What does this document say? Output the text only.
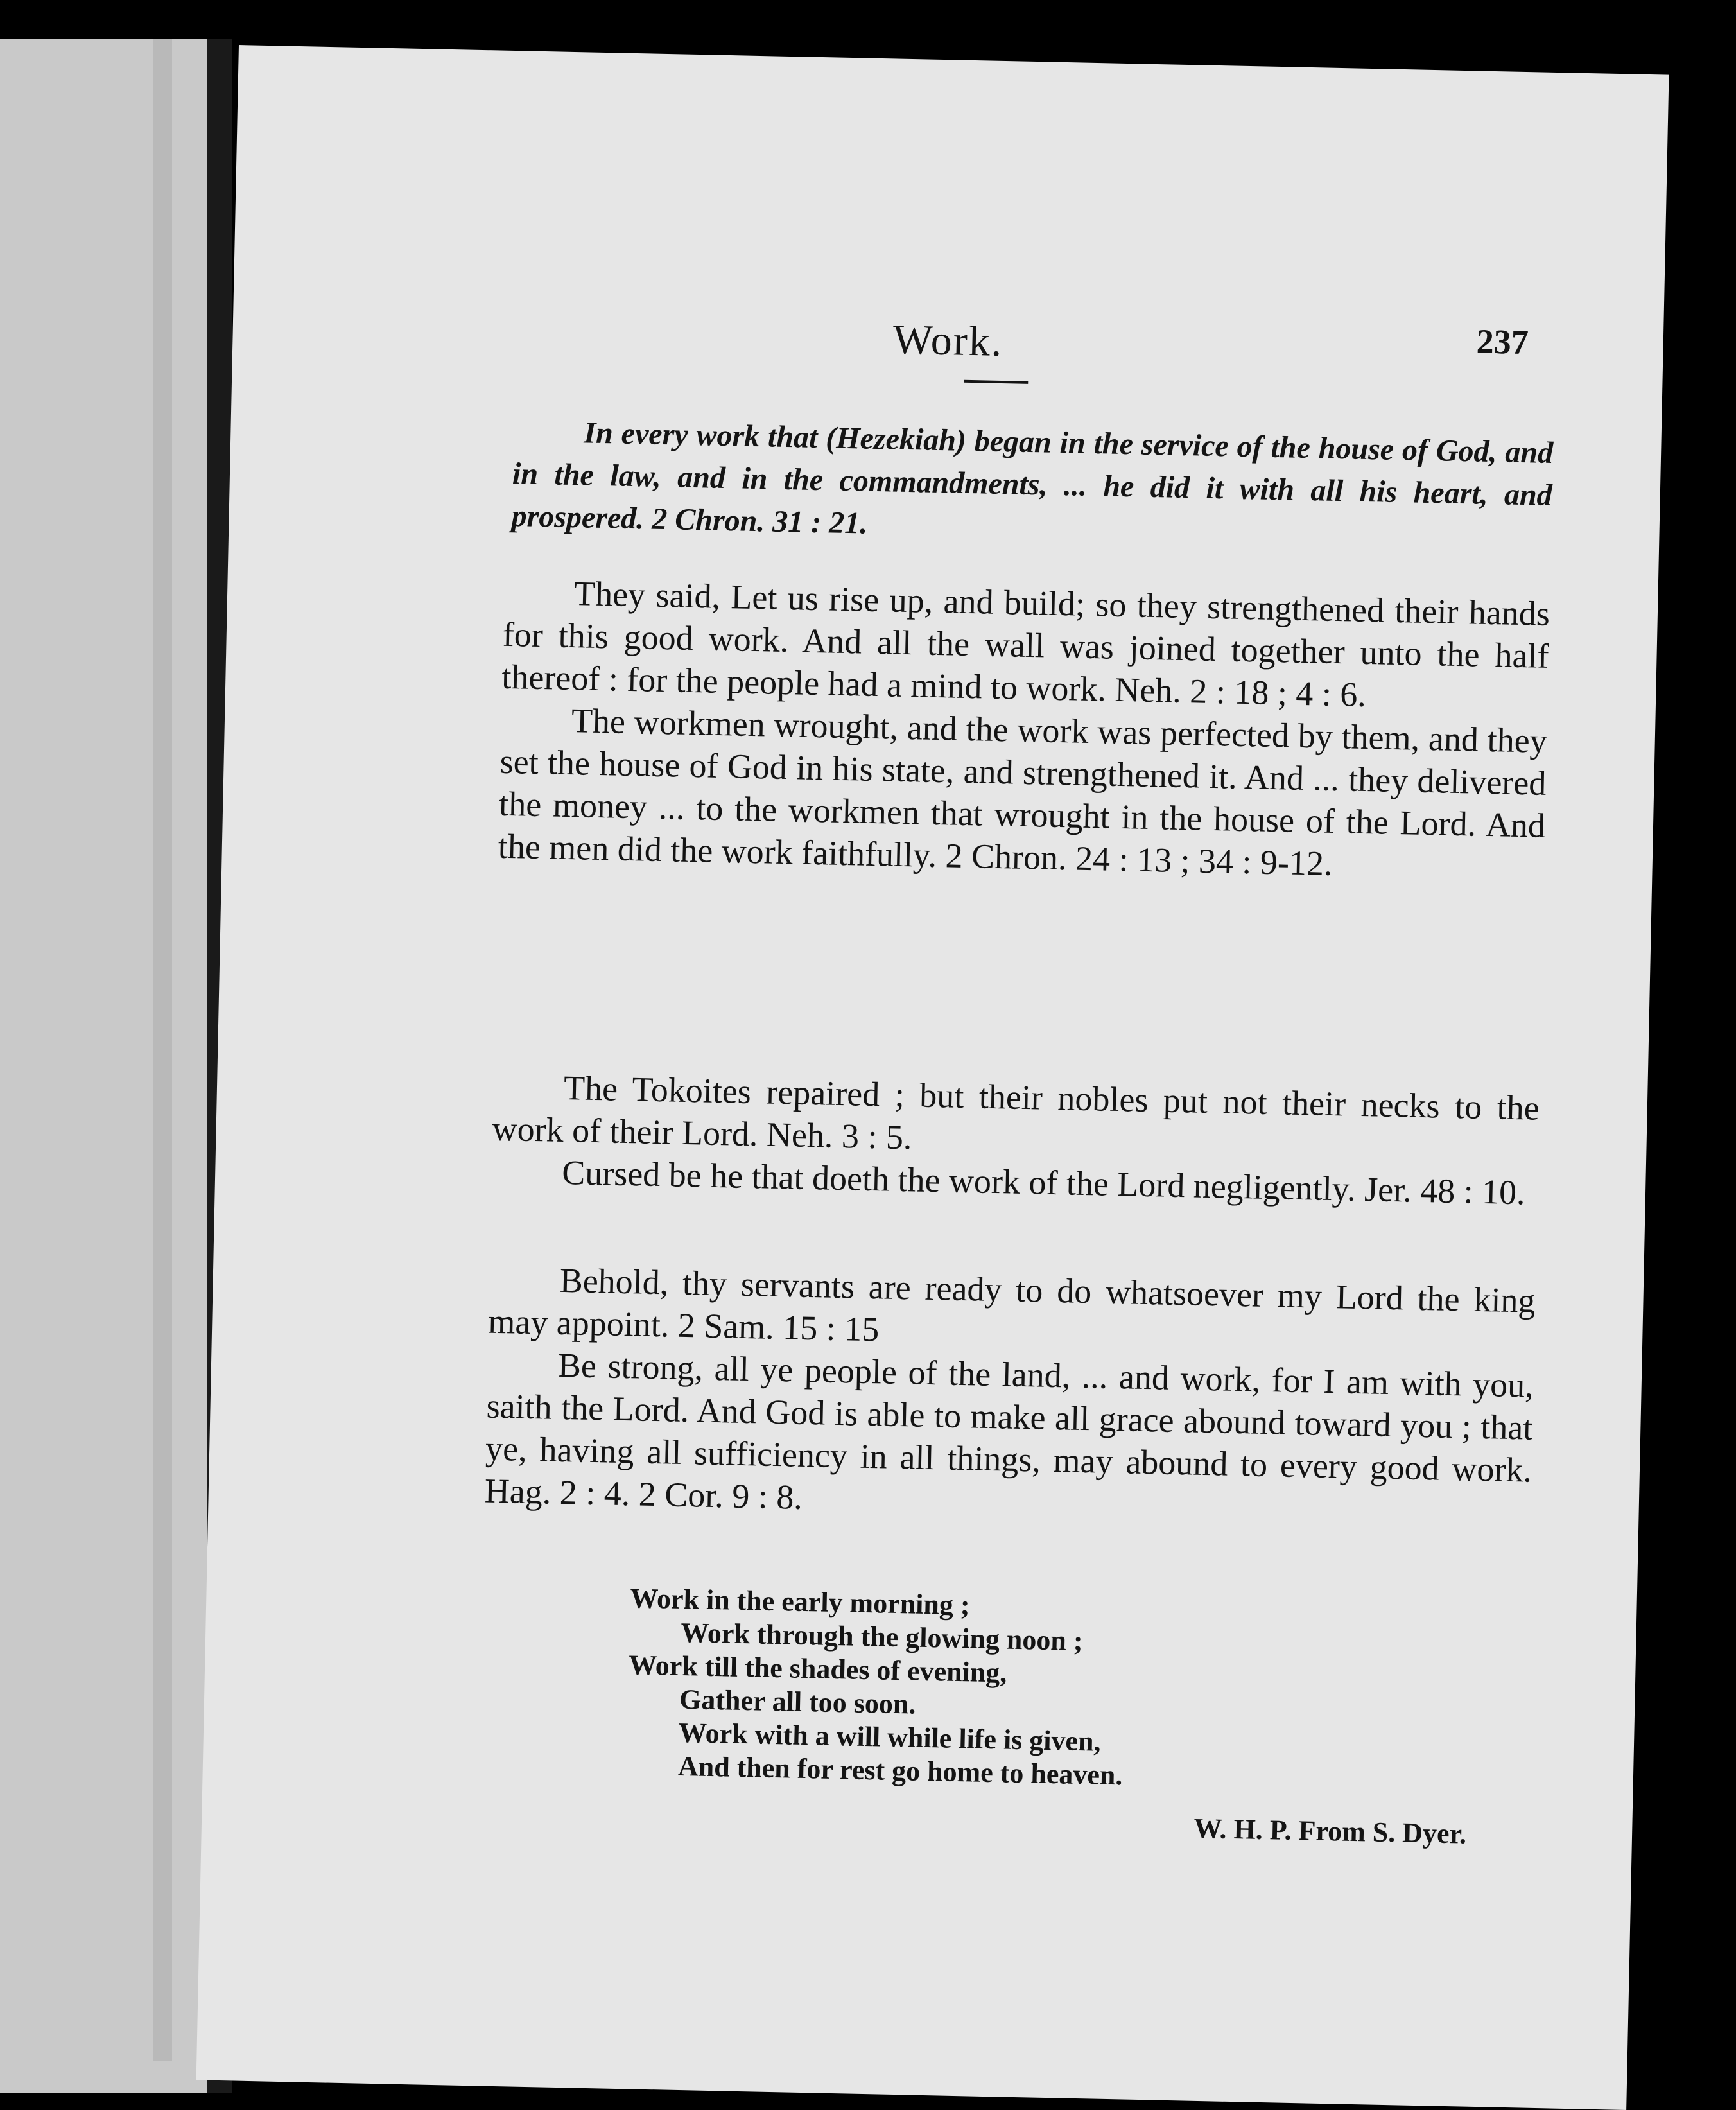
237
Work.

In every work that (Hezekiah) began in the service of the house of God, and in the law, and in the commandments, ... he did it with all his heart, and prospered. 2 Chron. 31 : 21.

They said, Let us rise up, and build; so they strengthened their hands for this good work. And all the wall was joined together unto the half thereof : for the people had a mind to work. Neh. 2 : 18 ; 4 : 6.

The workmen wrought, and the work was perfected by them, and they set the house of God in his state, and strengthened it. And ... they delivered the money ... to the workmen that wrought in the house of the Lord. And the men did the work faithfully. 2 Chron. 24 : 13 ; 34 : 9-12.

The Tokoites repaired ; but their nobles put not their necks to the work of their Lord. Neh. 3 : 5.

Cursed be he that doeth the work of the Lord negligently. Jer. 48 : 10.

Behold, thy servants are ready to do whatsoever my Lord the king may appoint. 2 Sam. 15 : 15

Be strong, all ye people of the land, ... and work, for I am with you, saith the Lord. And God is able to make all grace abound toward you ; that ye, having all sufficiency in all things, may abound to every good work. Hag. 2 : 4. 2 Cor. 9 : 8.

Work in the early morning ;
Work through the glowing noon ;
Work till the shades of evening,
Gather all too soon.
Work with a will while life is given,
And then for rest go home to heaven.
W. H. P. From S. Dyer.
